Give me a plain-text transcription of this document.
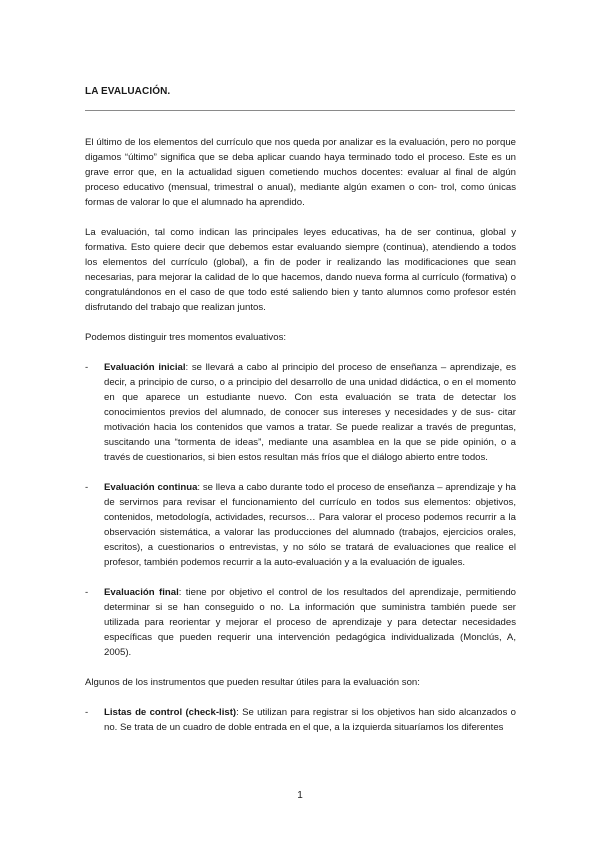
LA EVALUACIÓN.

El último de los elementos del currículo que nos queda por analizar es la evaluación, pero no porque digamos “último” significa que se deba aplicar cuando haya terminado todo el proceso. Este es un grave error que, en la actualidad siguen cometiendo muchos docentes: evaluar al final de algún proceso educativo (mensual, trimestral o anual), mediante algún examen o con- trol, como únicas formas de valorar lo que el alumnado ha aprendido.

La evaluación, tal como indican las principales leyes educativas, ha de ser continua, global y formativa. Esto quiere decir que debemos estar evaluando siempre (continua), atendiendo a todos los elementos del currículo (global), a fin de poder ir realizando las modificaciones que sean necesarias, para mejorar la calidad de lo que hacemos, dando nueva forma al currículo (formativa) o congratulándonos en el caso de que todo esté saliendo bien y tanto alumnos como profesor estén disfrutando del trabajo que realizan juntos.

Podemos distinguir tres momentos evaluativos:

- Evaluación inicial: se llevará a cabo al principio del proceso de enseñanza – aprendizaje, es decir, a principio de curso, o a principio del desarrollo de una unidad didáctica, o en el momento en que aparece un estudiante nuevo. Con esta evaluación se trata de detectar los conocimientos previos del alumnado, de conocer sus intereses y necesidades y de sus- citar motivación hacia los contenidos que vamos a tratar. Se puede realizar a través de preguntas, suscitando una “tormenta de ideas”, mediante una asamblea en la que se pide opinión, o a través de cuestionarios, si bien estos resultan más fríos que el diálogo abierto entre todos.
- Evaluación continua: se lleva a cabo durante todo el proceso de enseñanza – aprendizaje y ha de servirnos para revisar el funcionamiento del currículo en todos sus elementos: objetivos, contenidos, metodología, actividades, recursos… Para valorar el proceso podemos recurrir a la observación sistemática, a valorar las producciones del alumnado (trabajos, ejercicios orales, escritos), a cuestionarios o entrevistas, y no sólo se tratará de evaluaciones que realice el profesor, también podemos recurrir a la auto-evaluación y a la evaluación de iguales.
- Evaluación final: tiene por objetivo el control de los resultados del aprendizaje, permitiendo determinar si se han conseguido o no. La información que suministra también puede ser utilizada para reorientar y mejorar el proceso de aprendizaje y para detectar necesidades específicas que pueden requerir una intervención pedagógica individualizada (Monclús, A, 2005).

Algunos de los instrumentos que pueden resultar útiles para la evaluación son:

- Listas de control (check-list): Se utilizan para registrar si los objetivos han sido alcanzados o no. Se trata de un cuadro de doble entrada en el que, a la izquierda situaríamos los diferentes
1
